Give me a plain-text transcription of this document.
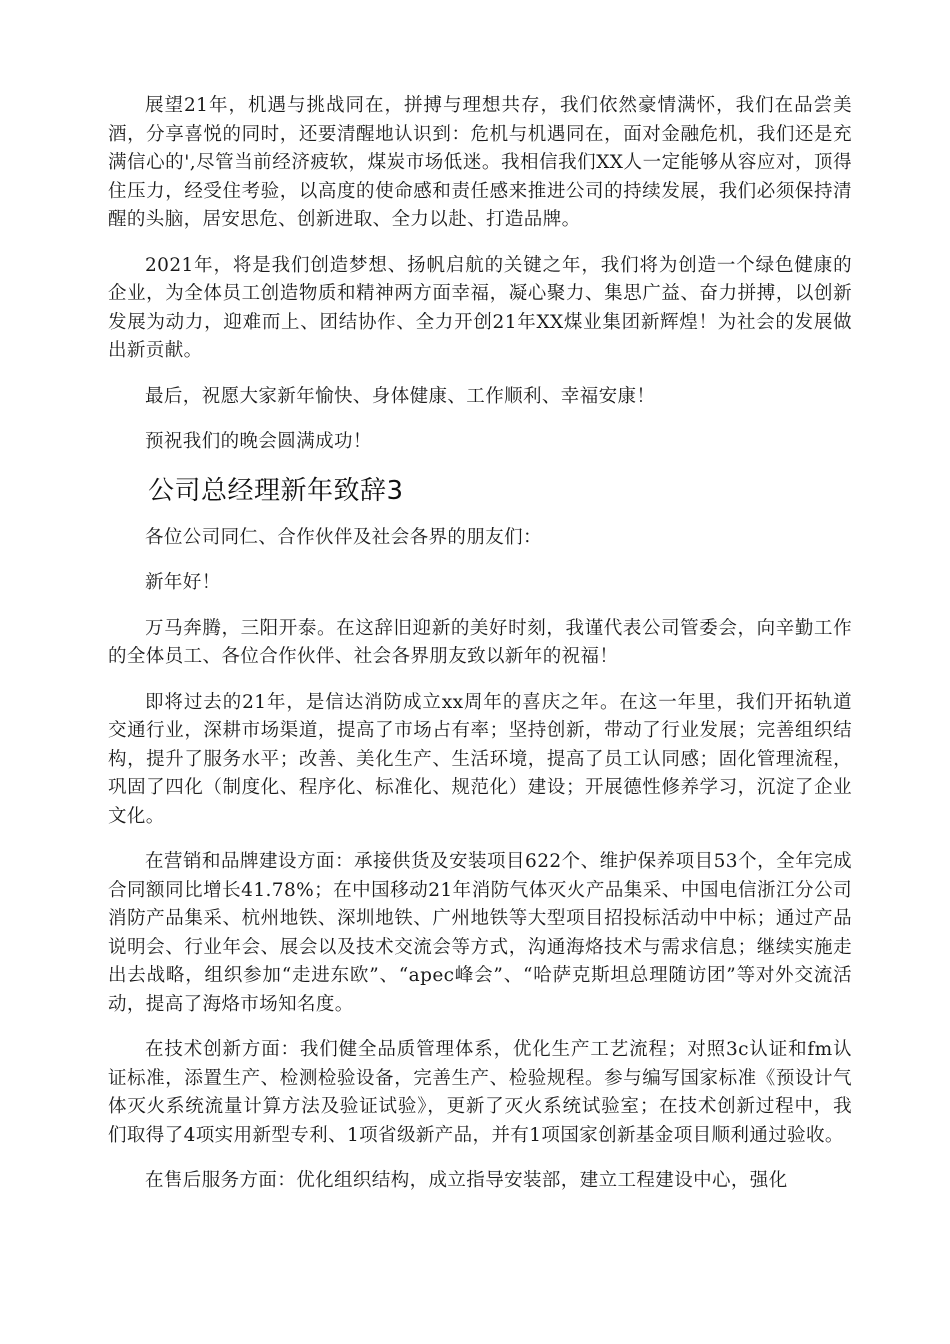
展望21年，机遇与挑战同在，拼搏与理想共存，我们依然豪情满怀，我们在品尝美酒，分享喜悦的同时，还要清醒地认识到：危机与机遇同在，面对金融危机，我们还是充满信心的',尽管当前经济疲软，煤炭市场低迷。我相信我们XX人一定能够从容应对，顶得住压力，经受住考验，以高度的使命感和责任感来推进公司的持续发展，我们必须保持清醒的头脑，居安思危、创新进取、全力以赴、打造品牌。

2021年，将是我们创造梦想、扬帆启航的关键之年，我们将为创造一个绿色健康的企业，为全体员工创造物质和精神两方面幸福，凝心聚力、集思广益、奋力拼搏，以创新发展为动力，迎难而上、团结协作、全力开创21年XX煤业集团新辉煌！为社会的发展做出新贡献。

最后，祝愿大家新年愉快、身体健康、工作顺利、幸福安康！

预祝我们的晚会圆满成功！

公司总经理新年致辞3

各位公司同仁、合作伙伴及社会各界的朋友们：

新年好！

万马奔腾，三阳开泰。在这辞旧迎新的美好时刻，我谨代表公司管委会，向辛勤工作的全体员工、各位合作伙伴、社会各界朋友致以新年的祝福！

即将过去的21年，是信达消防成立xx周年的喜庆之年。在这一年里，我们开拓轨道交通行业，深耕市场渠道，提高了市场占有率；坚持创新，带动了行业发展；完善组织结构，提升了服务水平；改善、美化生产、生活环境，提高了员工认同感；固化管理流程，巩固了四化（制度化、程序化、标准化、规范化）建设；开展德性修养学习，沉淀了企业文化。

在营销和品牌建设方面：承接供货及安装项目622个、维护保养项目53个，全年完成合同额同比增长41.78%；在中国移动21年消防气体灭火产品集采、中国电信浙江分公司消防产品集采、杭州地铁、深圳地铁、广州地铁等大型项目招投标活动中中标；通过产品说明会、行业年会、展会以及技术交流会等方式，沟通海烙技术与需求信息；继续实施走出去战略，组织参加“走进东欧”、“apec峰会”、“哈萨克斯坦总理随访团”等对外交流活动，提高了海烙市场知名度。

在技术创新方面：我们健全品质管理体系，优化生产工艺流程；对照3c认证和fm认证标准，添置生产、检测检验设备，完善生产、检验规程。参与编写国家标准《预设计气体灭火系统流量计算方法及验证试验》，更新了灭火系统试验室；在技术创新过程中，我们取得了4项实用新型专利、1项省级新产品，并有1项国家创新基金项目顺利通过验收。

在售后服务方面：优化组织结构，成立指导安装部，建立工程建设中心，强化
